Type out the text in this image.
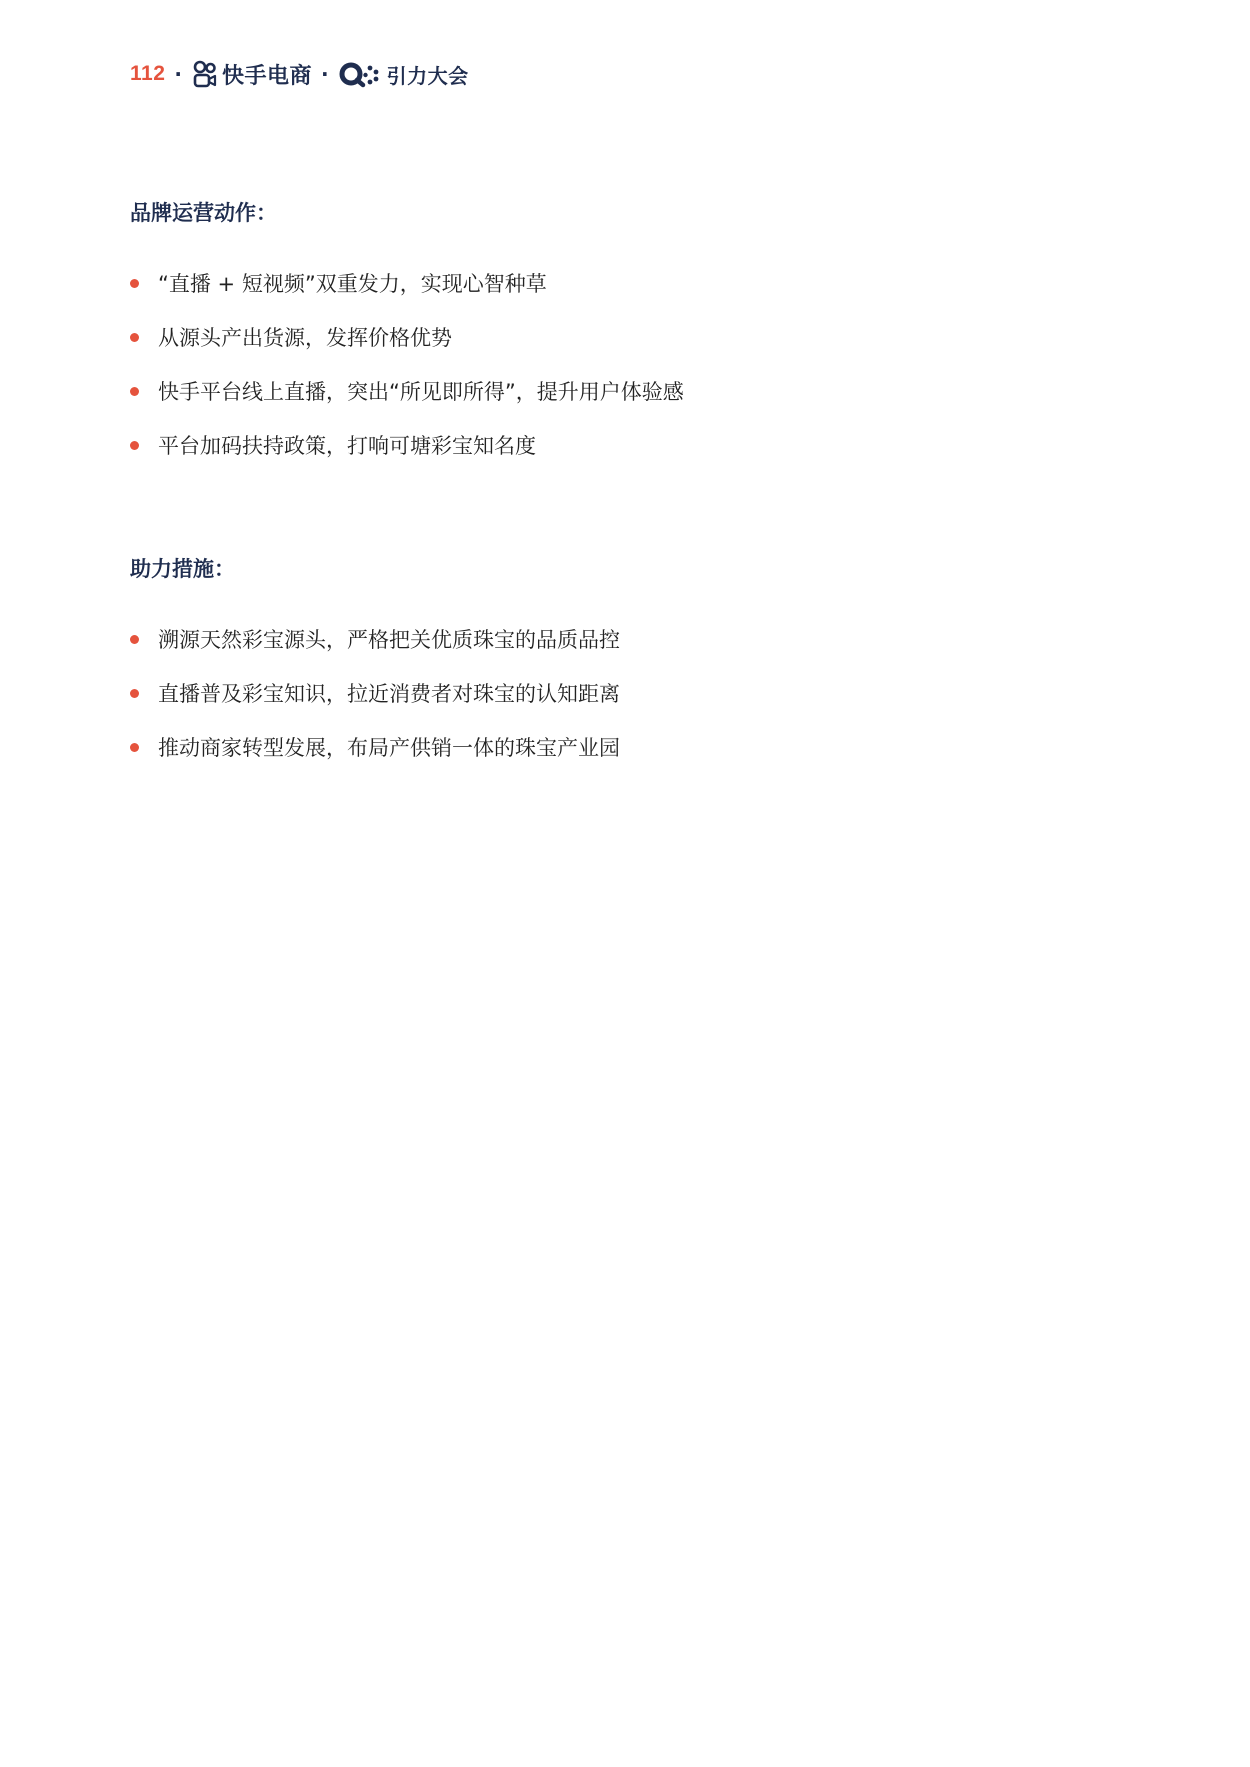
112 · 快手电商 ·	引力大会
品牌运营动作：
“直播 + 短视频”双重发力，实现心智种草
从源头产出货源，发挥价格优势
快手平台线上直播，突出“所见即所得”，提升用户体验感
平台加码扶持政策，打响可塘彩宝知名度
助力措施：
溯源天然彩宝源头，严格把关优质珠宝的品质品控
直播普及彩宝知识，拉近消费者对珠宝的认知距离
推动商家转型发展，布局产供销一体的珠宝产业园
